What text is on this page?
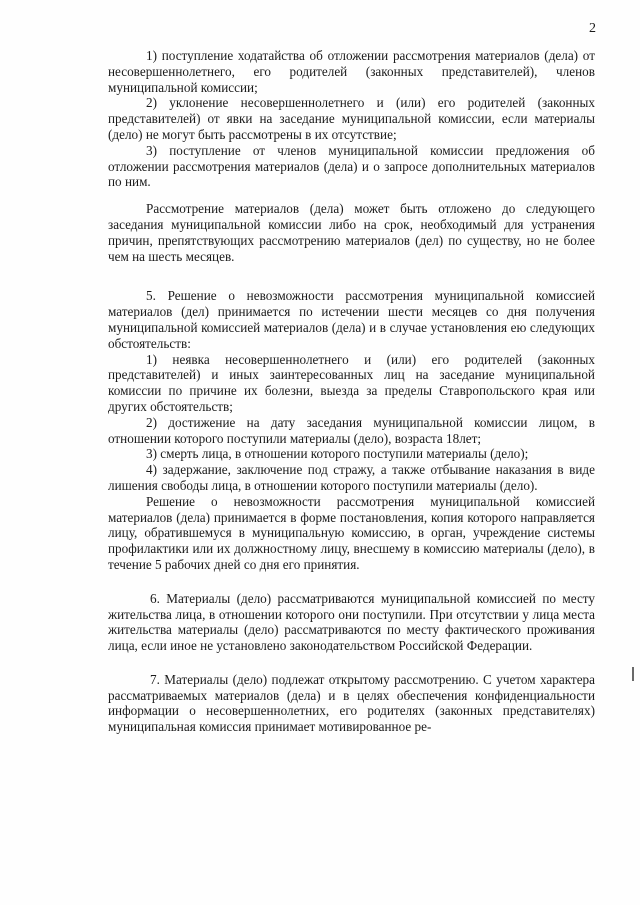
2

1) поступление ходатайства об отложении рассмотрения материалов (дела) от несовершеннолетнего, его родителей (законных представителей), членов муниципальной комиссии;

2) уклонение несовершеннолетнего и (или) его родителей (законных представителей) от явки на заседание муниципальной комиссии, если материалы (дело) не могут быть рассмотрены в их отсутствие;

3) поступление от членов муниципальной комиссии предложения об отложении рассмотрения материалов (дела) и о запросе дополнительных материалов по ним.

Рассмотрение материалов (дела) может быть отложено до следующего заседания муниципальной комиссии либо на срок, необходимый для устранения причин, препятствующих рассмотрению материалов (дел) по существу, но не более чем на шесть месяцев.

5. Решение о невозможности рассмотрения муниципальной комиссией материалов (дел) принимается по истечении шести месяцев со дня получения муниципальной комиссией материалов (дела) и в случае установления ею следующих обстоятельств:

1) неявка несовершеннолетнего и (или) его родителей (законных представителей) и иных заинтересованных лиц на заседание муниципальной комиссии по причине их болезни, выезда за пределы Ставропольского края или других обстоятельств;

2) достижение на дату заседания муниципальной комиссии лицом, в отношении которого поступили материалы (дело), возраста 18лет;

3) смерть лица, в отношении которого поступили материалы (дело);

4) задержание, заключение под стражу, а также отбывание наказания в виде лишения свободы лица, в отношении которого поступили материалы (дело).

Решение о невозможности рассмотрения муниципальной комиссией материалов (дела) принимается в форме постановления, копия которого направляется лицу, обратившемуся в муниципальную комиссию, в орган, учреждение системы профилактики или их должностному лицу, внесшему в комиссию материалы (дело), в течение 5 рабочих дней со дня его принятия.

6. Материалы (дело) рассматриваются муниципальной комиссией по месту жительства лица, в отношении которого они поступили. При отсутствии у лица места жительства материалы (дело) рассматриваются по месту фактического проживания лица, если иное не установлено законодательством Российской Федерации.

7. Материалы (дело) подлежат открытому рассмотрению. С учетом характера рассматриваемых материалов (дела) и в целях обеспечения конфиденциальности информации о несовершеннолетних, его родителях (законных представителях) муниципальная комиссия принимает мотивированное ре-
